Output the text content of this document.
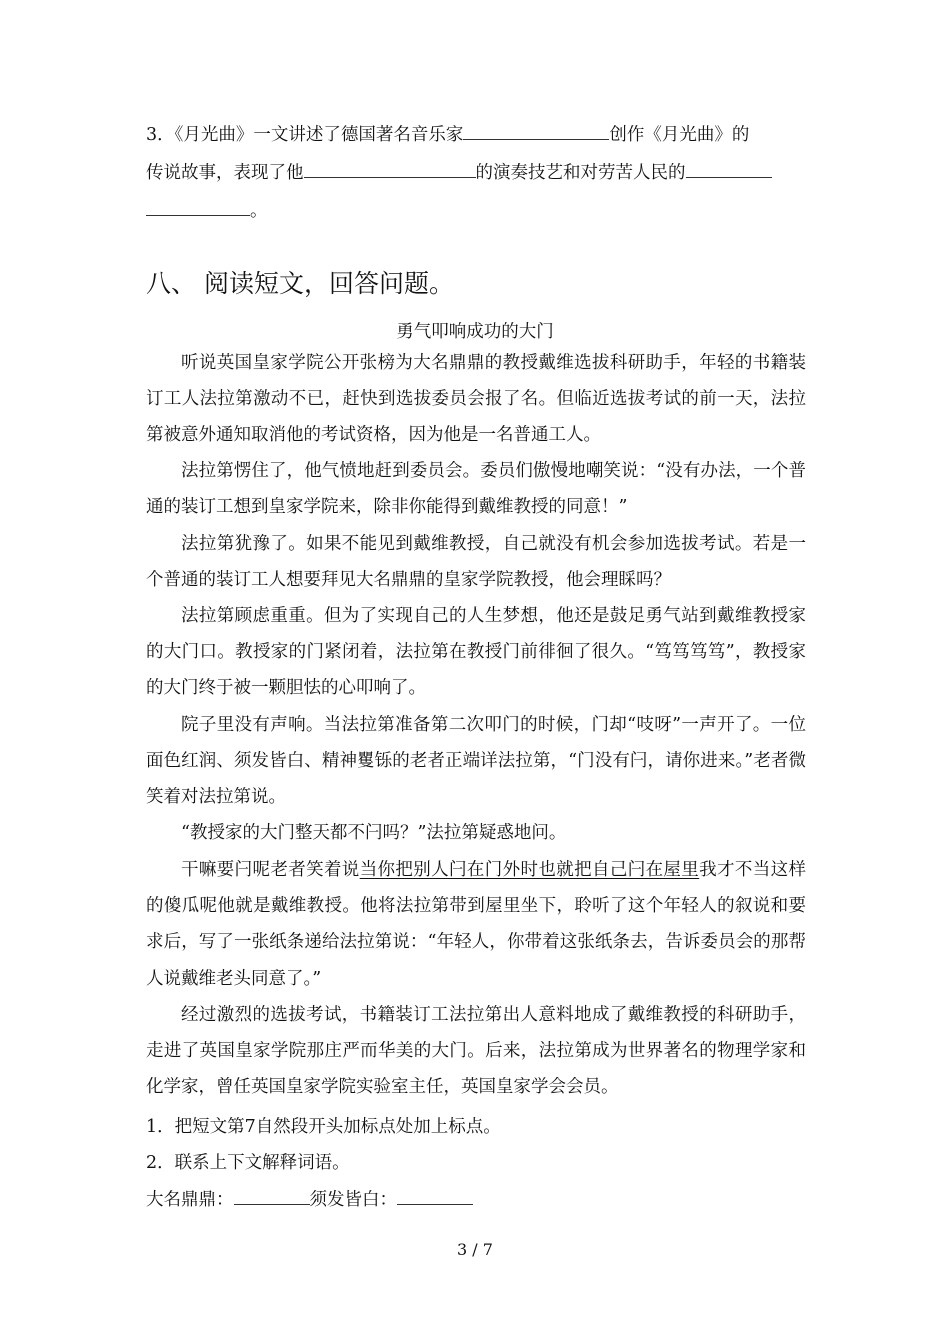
3．《月光曲》一文讲述了德国著名音乐家	创作《月光曲》的
传说故事，表现了他	的演奏技艺和对劳苦人民的
。
八、 阅读短文，回答问题。
勇气叩响成功的大门

听说英国皇家学院公开张榜为大名鼎鼎的教授戴维选拔科研助手，年轻的书籍装订工人法拉第激动不已，赶快到选拔委员会报了名。但临近选拔考试的前一天，法拉第被意外通知取消他的考试资格，因为他是一名普通工人。

法拉第愣住了，他气愤地赶到委员会。委员们傲慢地嘲笑说：“没有办法，一个普通的装订工想到皇家学院来，除非你能得到戴维教授的同意！”

法拉第犹豫了。如果不能见到戴维教授，自己就没有机会参加选拔考试。若是一个普通的装订工人想要拜见大名鼎鼎的皇家学院教授，他会理睬吗？

法拉第顾虑重重。但为了实现自己的人生梦想，他还是鼓足勇气站到戴维教授家的大门口。教授家的门紧闭着，法拉第在教授门前徘徊了很久。“笃笃笃笃”，教授家的大门终于被一颗胆怯的心叩响了。

院子里没有声响。当法拉第准备第二次叩门的时候，门却“吱呀”一声开了。一位面色红润、须发皆白、精神矍铄的老者正端详法拉第，“门没有闩，请你进来。”老者微笑着对法拉第说。

“教授家的大门整天都不闩吗？”法拉第疑惑地问。

干嘛要闩呢老者笑着说当你把别人闩在门外时也就把自己闩在屋里我才不当这样的傻瓜呢他就是戴维教授。他将法拉第带到屋里坐下，聆听了这个年轻人的叙说和要求后，写了一张纸条递给法拉第说：“年轻人，你带着这张纸条去，告诉委员会的那帮人说戴维老头同意了。”

经过激烈的选拔考试，书籍装订工法拉第出人意料地成了戴维教授的科研助手，走进了英国皇家学院那庄严而华美的大门。后来，法拉第成为世界著名的物理学家和化学家，曾任英国皇家学院实验室主任，英国皇家学会会员。

1．把短文第7自然段开头加标点处加上标点。
2．联系上下文解释词语。
大名鼎鼎：	须发皆白：
3 / 7
